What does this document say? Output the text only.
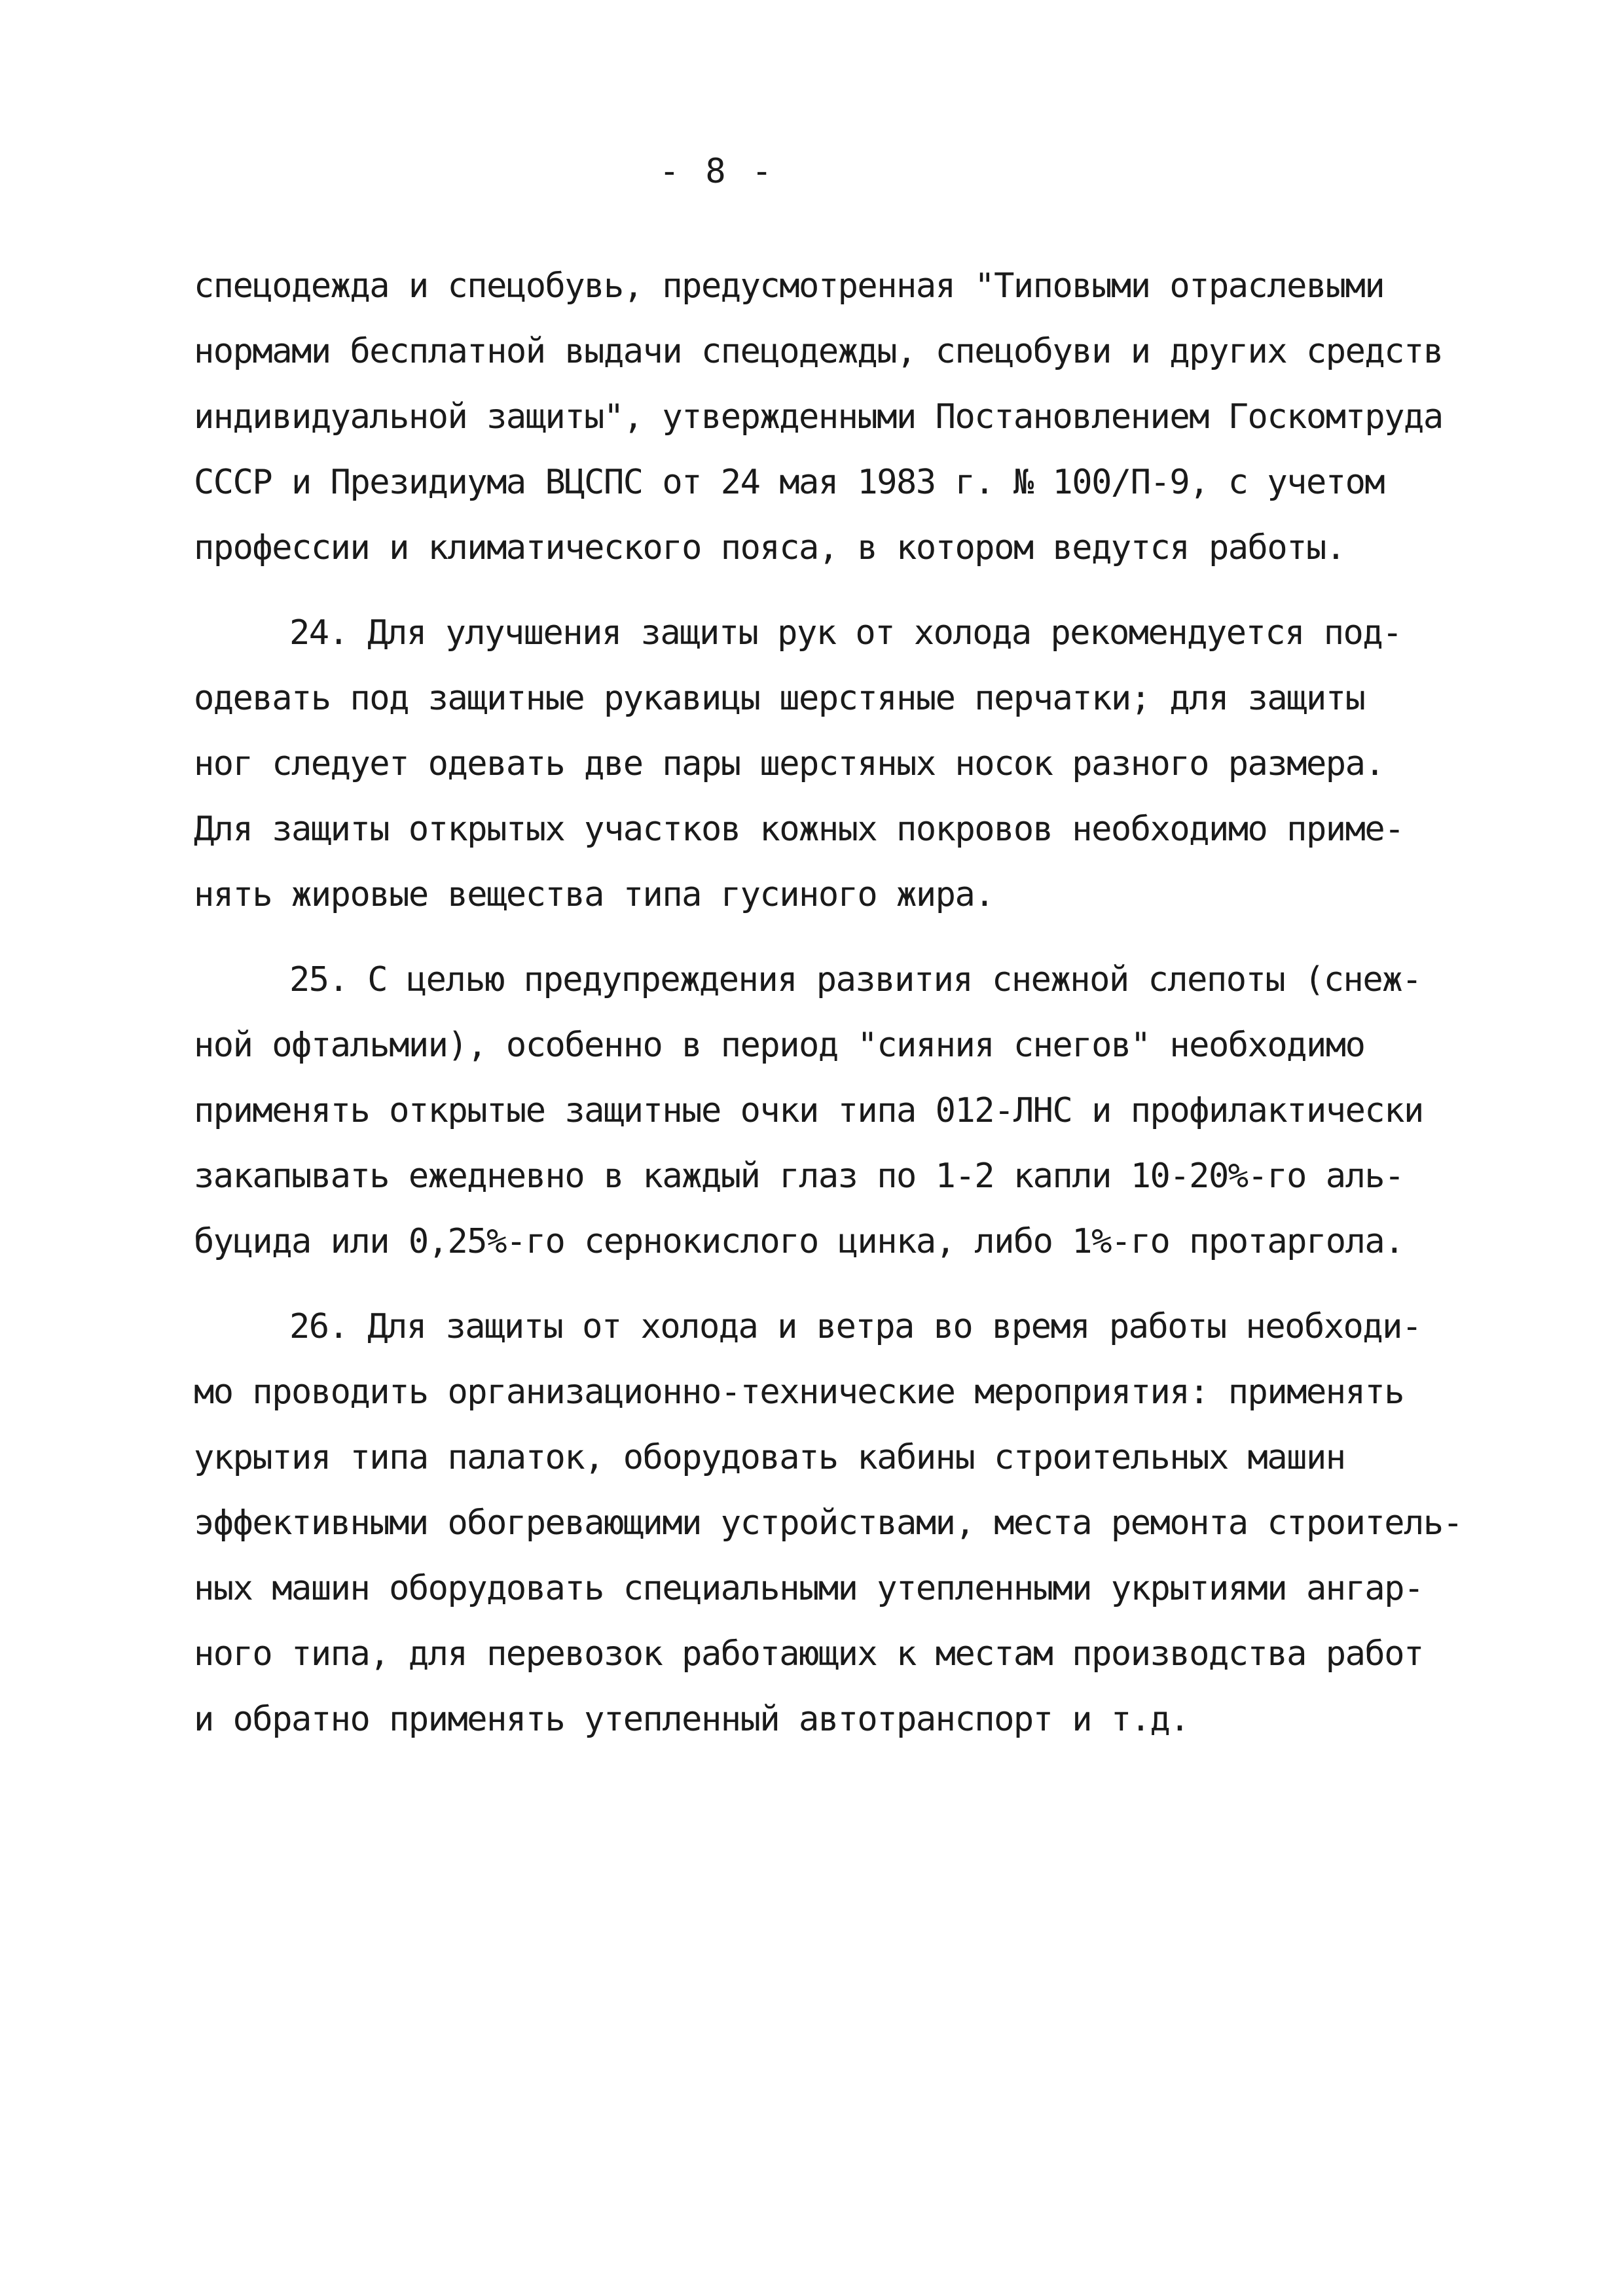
- 8 -
спецодежда и спецобувь, предусмотренная "Типовыми отраслевыми
нормами бесплатной выдачи спецодежды, спецобуви и других средств
индивидуальной защиты", утвержденными Постановлением Госкомтруда
СССР и Президиума ВЦСПС от 24 мая 1983 г. № 100/П-9, с учетом
профессии и климатического пояса, в котором ведутся работы.
24. Для улучшения защиты рук от холода рекомендуется под-
одевать под защитные рукавицы шерстяные перчатки; для защиты
ног следует одевать две пары шерстяных носок разного размера.
Для защиты открытых участков кожных покровов необходимо приме-
нять жировые вещества типа гусиного жира.
25. С целью предупреждения развития снежной слепоты (снеж-
ной офтальмии), особенно в период "сияния снегов" необходимо
применять открытые защитные очки типа 012-ЛНС и профилактически
закапывать ежедневно в каждый глаз по 1-2 капли 10-20%-го аль-
буцида или 0,25%-го сернокислого цинка, либо 1%-го протаргола.
26. Для защиты от холода и ветра во время работы необходи-
мо проводить организационно-технические мероприятия: применять
укрытия типа палаток, оборудовать кабины строительных машин
эффективными обогревающими устройствами, места ремонта строитель-
ных машин оборудовать специальными утепленными укрытиями ангар-
ного типа, для перевозок работающих к местам производства работ
и обратно применять утепленный автотранспорт и т.д.
